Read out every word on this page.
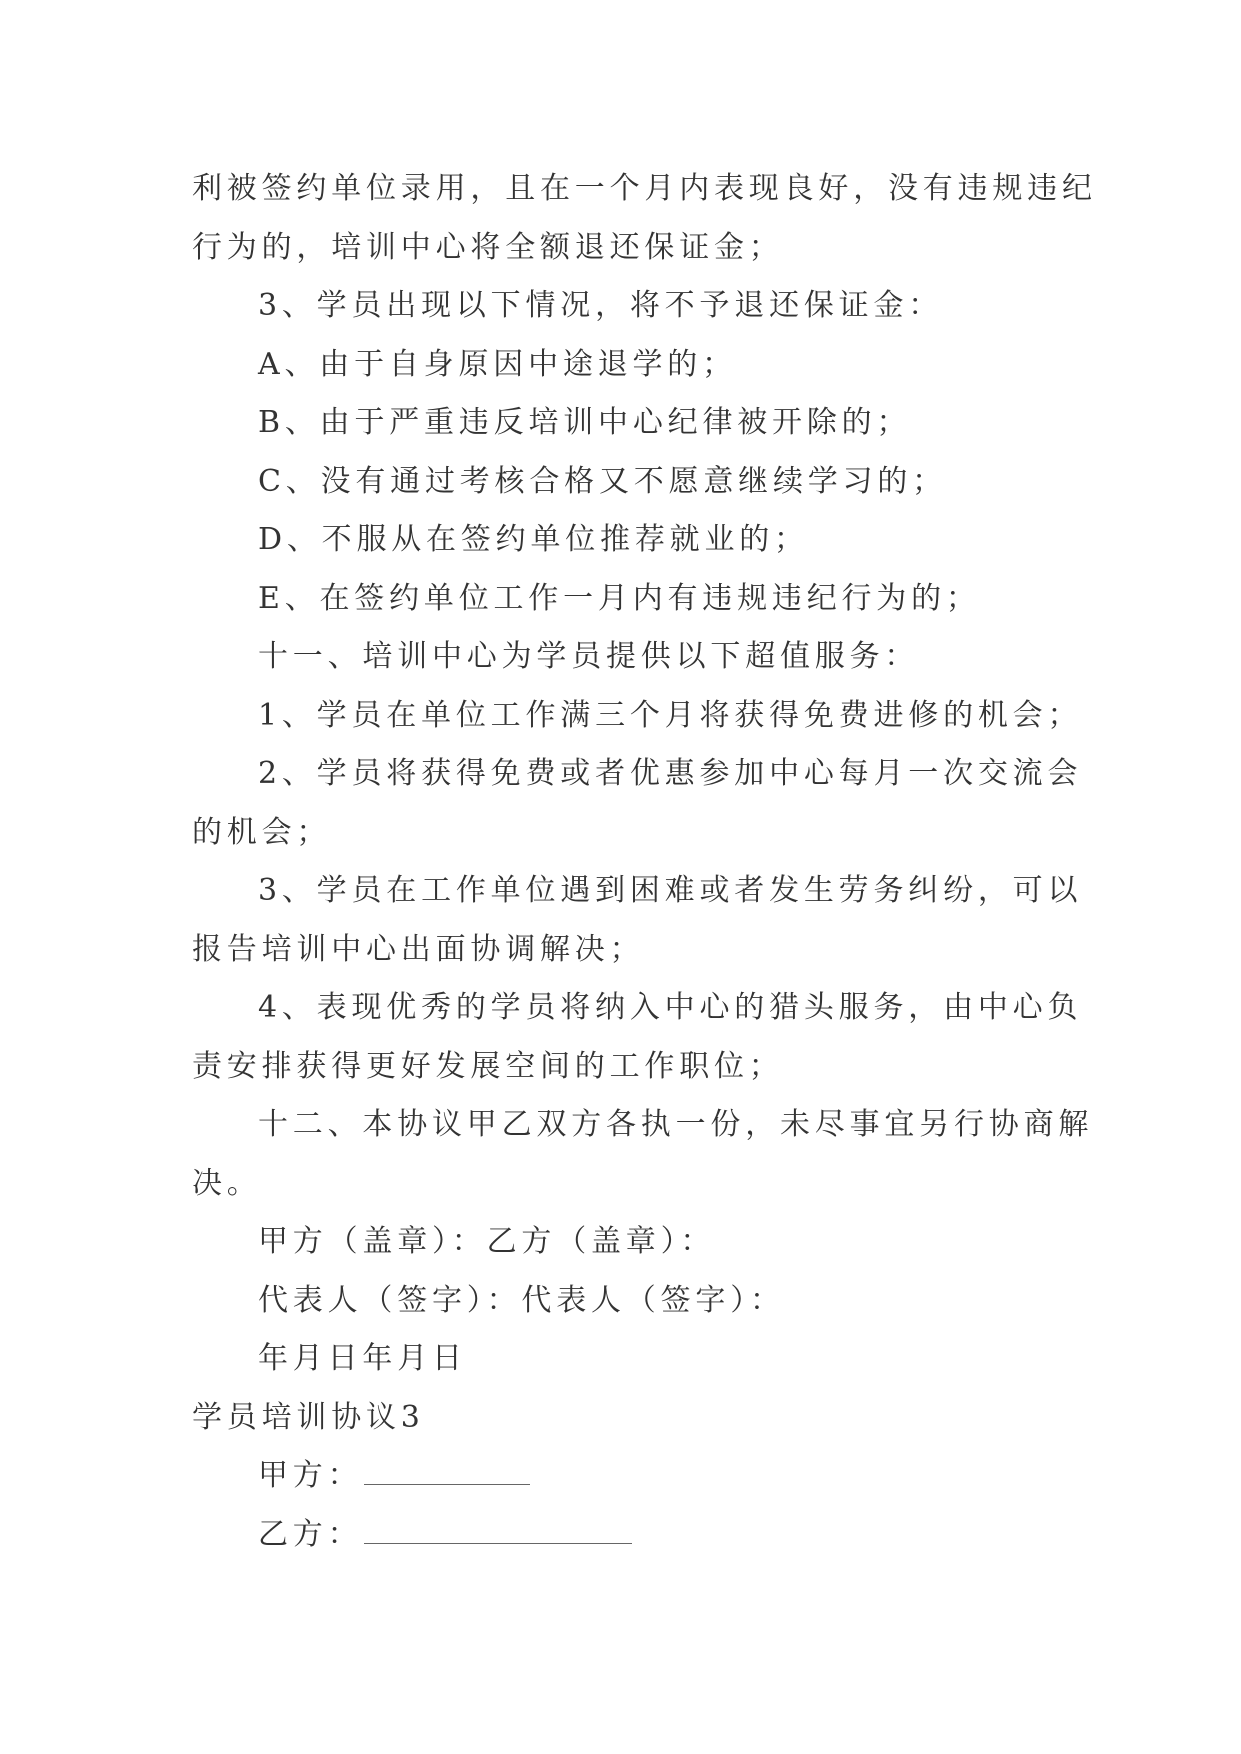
利被签约单位录用，且在一个月内表现良好，没有违规违纪

行为的，培训中心将全额退还保证金；

3、学员出现以下情况，将不予退还保证金：

A、由于自身原因中途退学的；

B、由于严重违反培训中心纪律被开除的；

C、没有通过考核合格又不愿意继续学习的；

D、不服从在签约单位推荐就业的；

E、在签约单位工作一月内有违规违纪行为的；

十一、培训中心为学员提供以下超值服务：

1、学员在单位工作满三个月将获得免费进修的机会；

2、学员将获得免费或者优惠参加中心每月一次交流会

的机会；

3、学员在工作单位遇到困难或者发生劳务纠纷，可以

报告培训中心出面协调解决；

4、表现优秀的学员将纳入中心的猎头服务，由中心负

责安排获得更好发展空间的工作职位；

十二、本协议甲乙双方各执一份，未尽事宜另行协商解

决。

甲方（盖章）：乙方（盖章）：

代表人（签字）：代表人（签字）：

年月日年月日

学员培训协议3

甲方：

乙方：
